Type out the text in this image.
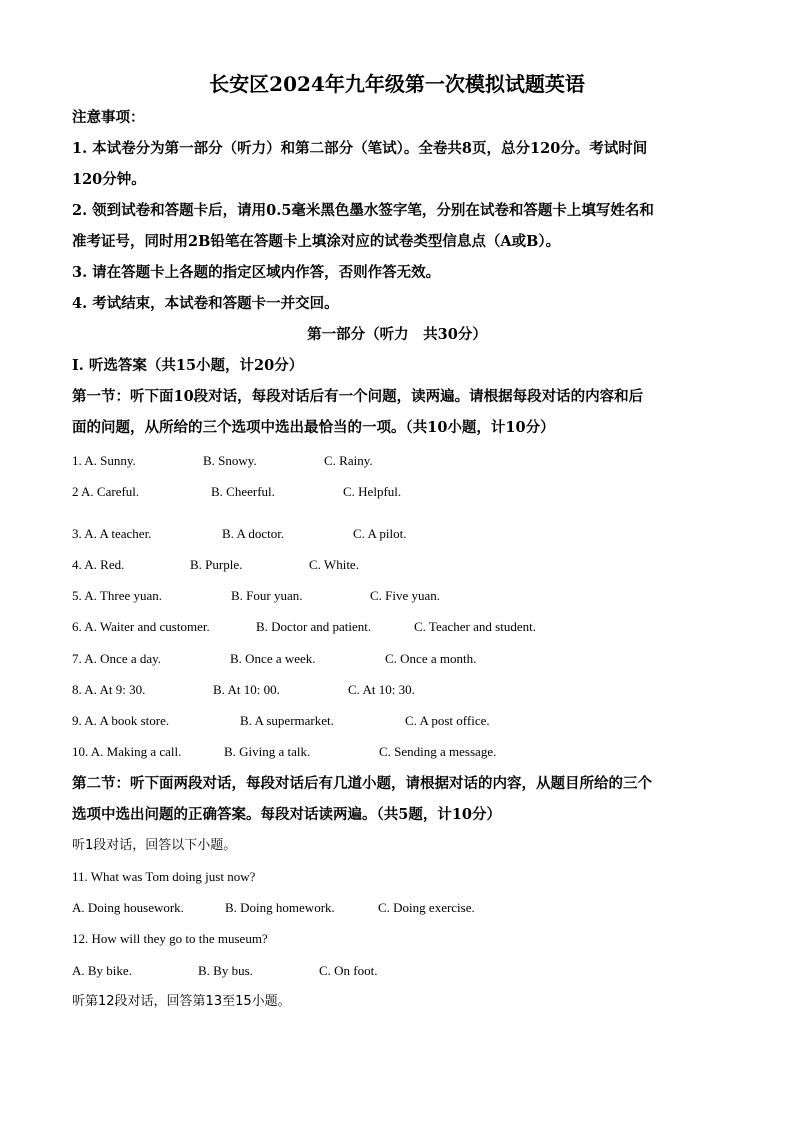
长安区2024年九年级第一次模拟试题英语
注意事项：
1. 本试卷分为第一部分（听力）和第二部分（笔试）。全卷共8页，总分120分。考试时间
120分钟。
2. 领到试卷和答题卡后，请用0.5毫米黑色墨水签字笔，分别在试卷和答题卡上填写姓名和
准考证号，同时用2B铅笔在答题卡上填涂对应的试卷类型信息点（A或B）。
3. 请在答题卡上各题的指定区域内作答，否则作答无效。
4. 考试结束，本试卷和答题卡一并交回。
第一部分（听力　共30分）
I. 听选答案（共15小题，计20分）
第一节：听下面10段对话，每段对话后有一个问题，读两遍。请根据每段对话的内容和后
面的问题，从所给的三个选项中选出最恰当的一项。（共10小题，计10分）
1. A. Sunny.	B. Snowy.	C. Rainy.
2 A. Careful.	B. Cheerful.	C. Helpful.
3. A. A teacher.	B. A doctor.	C. A pilot.
4. A. Red.	B. Purple.	C. White.
5. A. Three yuan.	B. Four yuan.	C. Five yuan.
6. A. Waiter and customer.	B. Doctor and patient.	C. Teacher and student.
7. A. Once a day.	B. Once a week.	C. Once a month.
8. A. At 9: 30.	B. At 10: 00.	C. At 10: 30.
9. A. A book store.	B. A supermarket.	C. A post office.
10. A. Making a call.	B. Giving a talk.	C. Sending a message.
第二节：听下面两段对话，每段对话后有几道小题，请根据对话的内容，从题目所给的三个
选项中选出问题的正确答案。每段对话读两遍。（共5题，计10分）
听1段对话，回答以下小题。
11. What was Tom doing just now?
A. Doing housework.	B. Doing homework.	C. Doing exercise.
12. How will they go to the museum?
A. By bike.	B. By bus.	C. On foot.
听第12段对话，回答第13至15小题。
